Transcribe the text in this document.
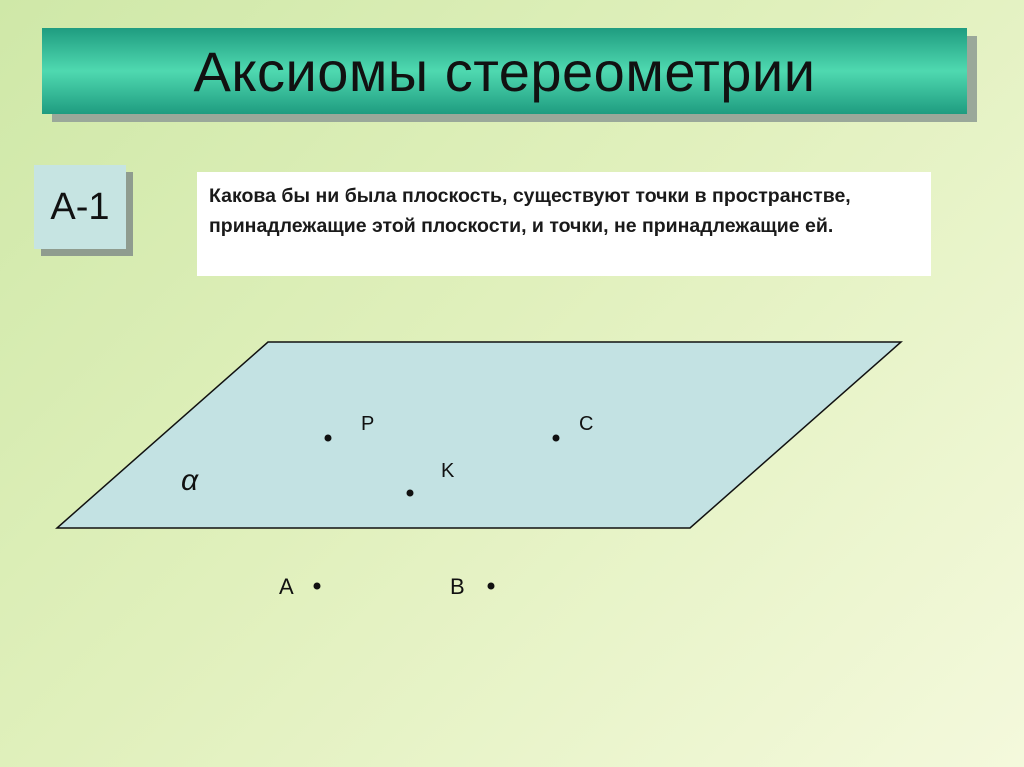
Аксиомы стереометрии
A-1	Какова бы ни была плоскость, существуют точки в пространстве, принадлежащие этой плоскости, и точки, не принадлежащие ей.

α
P	C
K
A	B
